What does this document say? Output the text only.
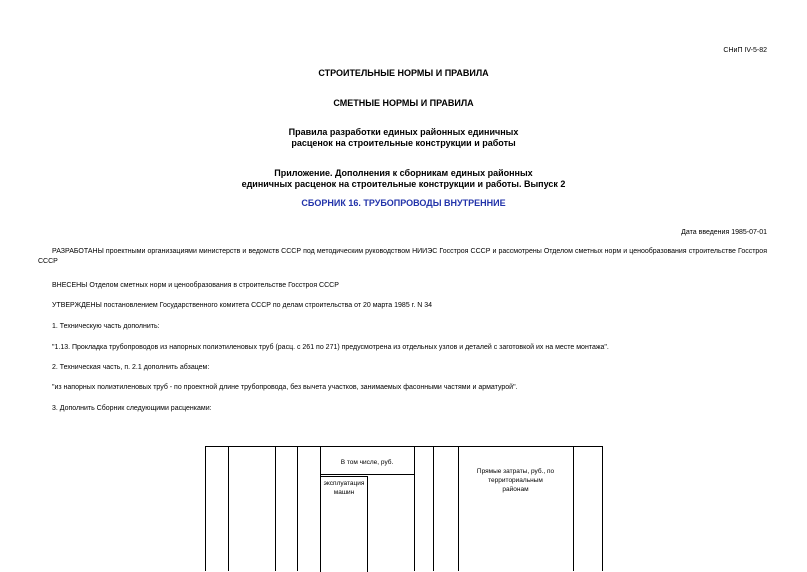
СНиП IV-5-82
СТРОИТЕЛЬНЫЕ НОРМЫ И ПРАВИЛА
СМЕТНЫЕ НОРМЫ И ПРАВИЛА
Правила разработки единых районных единичных
расценок на строительные конструкции и работы
Приложение. Дополнения к сборникам единых районных
единичных расценок на строительные конструкции и работы. Выпуск 2
СБОРНИК 16. ТРУБОПРОВОДЫ ВНУТРЕННИЕ
Дата введения 1985-07-01
РАЗРАБОТАНЫ проектными организациями министерств и ведомств СССР под методическим руководством НИИЭС Госстроя СССР и рассмотрены Отделом сметных норм и ценообразования строительстве Госстроя СССР
ВНЕСЕНЫ Отделом сметных норм и ценообразования в строительстве Госстроя СССР
УТВЕРЖДЕНЫ постановлением Государственного комитета СССР по делам строительства от 20 марта 1985 г. N 34
1. Техническую часть дополнить:
"1.13. Прокладка трубопроводов из напорных полиэтиленовых труб (расц. с 261 по 271) предусмотрена из отдельных узлов и деталей с заготовкой их на месте монтажа".
2. Техническая часть, п. 2.1 дополнить абзацем:
"из напорных полиэтиленовых труб - по проектной длине трубопровода, без вычета участков, занимаемых фасонными частями и арматурой".
3. Дополнить Сборник следующими расценками:
В том числе, руб.
эксплуатация
машин
Прямые затраты, руб., по
территориальным
районам
